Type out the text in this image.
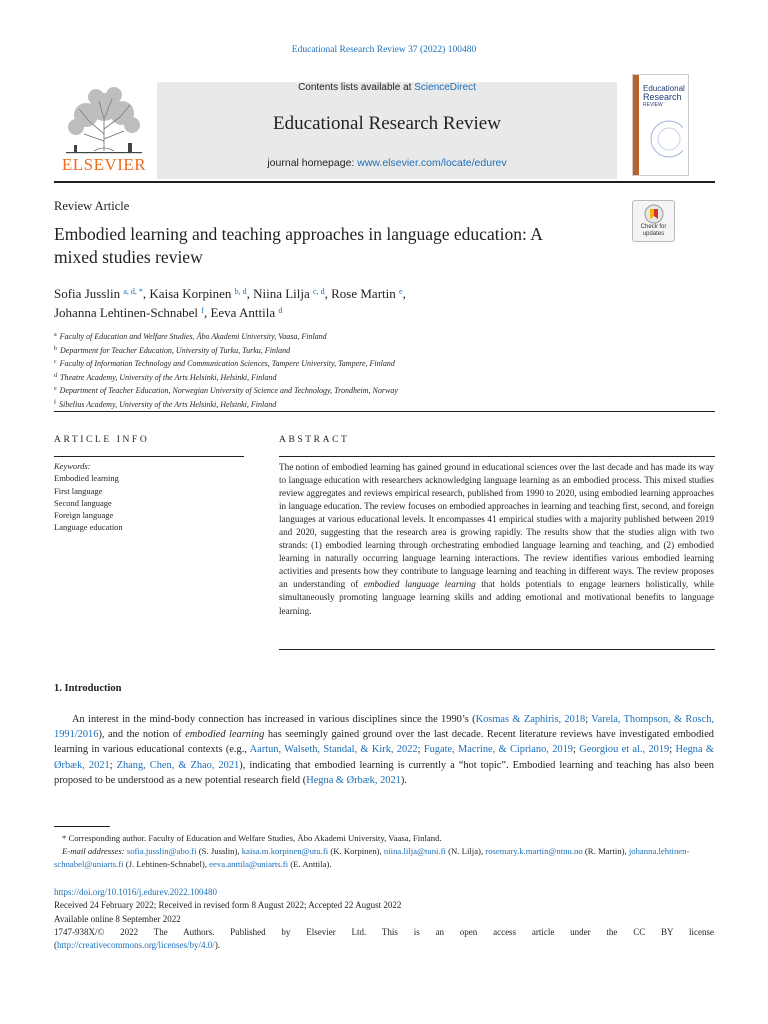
Educational Research Review 37 (2022) 100480
ELSEVIER
Contents lists available at ScienceDirect
Educational Research Review
journal homepage: www.elsevier.com/locate/edurev
Educational
Research
REVIEW
Review Article
Embodied learning and teaching approaches in language education: A mixed studies review
Check for
updates
Sofia Jusslin $^{a, d, *}$, Kaisa Korpinen $^{b, d}$, Niina Lilja $^{c, d}$, Rose Martin $^e$,
Johanna Lehtinen-Schnabel $^f$, Eeva Anttila $^d$
$^a$ Faculty of Education and Welfare Studies, Åbo Akademi University, Vaasa, Finland
$^b$ Department for Teacher Education, University of Turku, Turku, Finland
$^c$ Faculty of Information Technology and Communication Sciences, Tampere University, Tampere, Finland
$^d$ Theatre Academy, University of the Arts Helsinki, Helsinki, Finland
$^e$ Department of Teacher Education, Norwegian University of Science and Technology, Trondheim, Norway
$^f$ Sibelius Academy, University of the Arts Helsinki, Helsinki, Finland
ARTICLE INFO	ABSTRACT
Keywords:
Embodied learning
First language
Second language
Foreign language
Language education
The notion of embodied learning has gained ground in educational sciences over the last decade and has made its way to language education with researchers acknowledging language learning as an embodied process. This mixed studies review aggregates and reviews empirical research, published from 1990 to 2020, using embodied learning approaches in language education. The review focuses on embodied approaches in learning and teaching first, second, and foreign languages at various educational levels. It encompasses 41 empirical studies with a majority published between 2019 and 2020, suggesting that the research area is growing rapidly. The results show that the studies align with two strands: (1) embodied learning through orchestrating embodied language learning and teaching, and (2) embodied learning in naturally occurring language learning interactions. The review identifies various embodied learning activities and presents how they contribute to language learning and teaching in different ways. The review proposes an understanding of embodied language learning that holds potentials to engage learners holistically, while simultaneously promoting language learning skills and adding emotional and motivational benefits to language learning.
1. Introduction
An interest in the mind-body connection has increased in various disciplines since the 1990’s (Kosmas & Zaphiris, 2018; Varela, Thompson, & Rosch, 1991/2016), and the notion of embodied learning has seemingly gained ground over the last decade. Recent literature reviews have investigated embodied learning in various educational contexts (e.g., Aartun, Walseth, Standal, & Kirk, 2022; Fugate, Macrine, & Cipriano, 2019; Georgiou et al., 2019; Hegna & Ørbæk, 2021; Zhang, Chen, & Zhao, 2021), indicating that embodied learning is currently a “hot topic”. Embodied learning and teaching has also been proposed to be understood as a new potential research field (Hegna & Ørbæk, 2021).
* Corresponding author. Faculty of Education and Welfare Studies, Åbo Akademi University, Vaasa, Finland.
E-mail addresses: sofia.jusslin@abo.fi (S. Jusslin), kaisa.m.korpinen@utu.fi (K. Korpinen), niina.lilja@tuni.fi (N. Lilja), rosemary.k.martin@ntnu.no (R. Martin), johanna.lehtinen-schnabel@uniarts.fi (J. Lehtinen-Schnabel), eeva.anttila@uniarts.fi (E. Anttila).
https://doi.org/10.1016/j.edurev.2022.100480
Received 24 February 2022; Received in revised form 8 August 2022; Accepted 22 August 2022
Available online 8 September 2022
1747-938X/© 2022 The Authors. Published by Elsevier Ltd. This is an open access article under the CC BY license
(http://creativecommons.org/licenses/by/4.0/).
